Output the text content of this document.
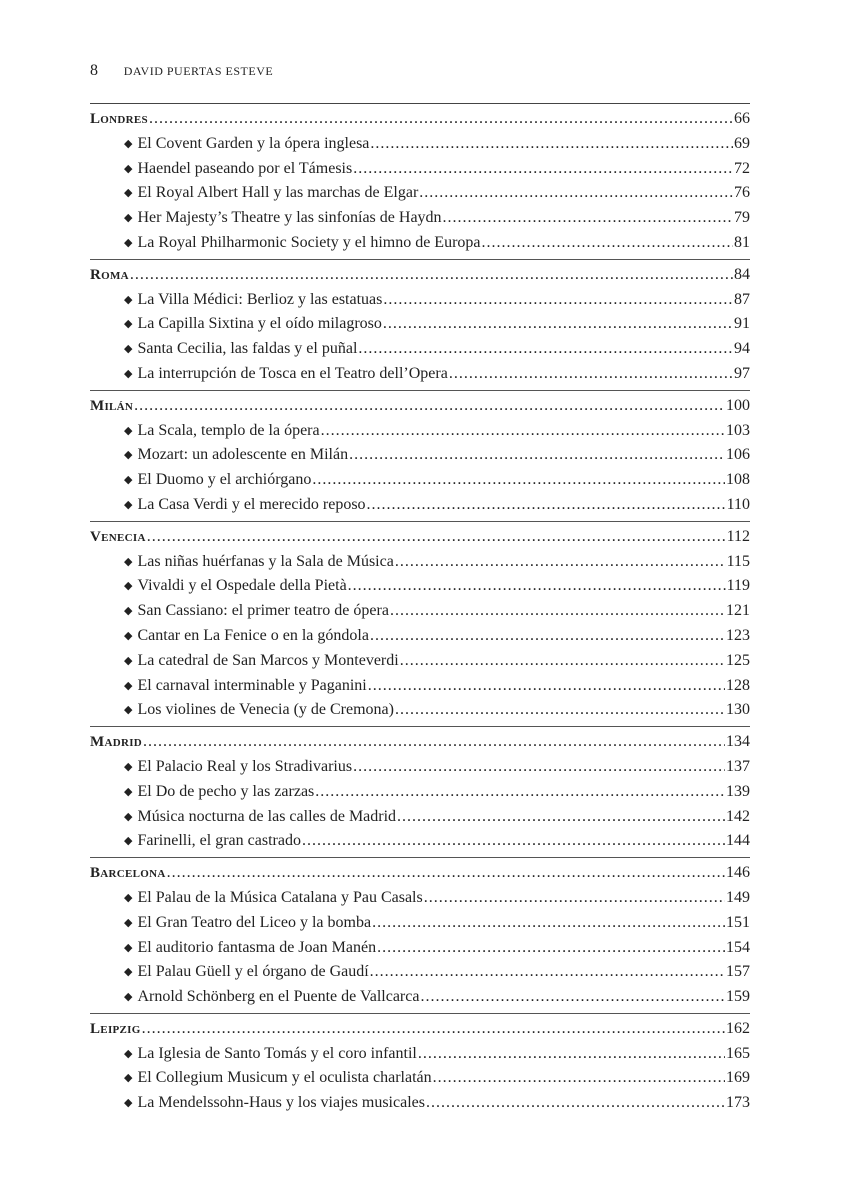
8 DAVID PUERTAS ESTEVE
Londres .....	66
◆ El Covent Garden y la ópera inglesa .....	69
◆ Haendel paseando por el Támesis .....	72
◆ El Royal Albert Hall y las marchas de Elgar .....	76
◆ Her Majesty’s Theatre y las sinfonías de Haydn .....	79
◆ La Royal Philharmonic Society y el himno de Europa .....	81
Roma .....	84
◆ La Villa Médici: Berlioz y las estatuas .....	87
◆ La Capilla Sixtina y el oído milagroso .....	91
◆ Santa Cecilia, las faldas y el puñal .....	94
◆ La interrupción de Tosca en el Teatro dell’Opera .....	97
Milán .....	100
◆ La Scala, templo de la ópera .....	103
◆ Mozart: un adolescente en Milán .....	106
◆ El Duomo y el archiórgano .....	108
◆ La Casa Verdi y el merecido reposo .....	110
Venecia .....	112
◆ Las niñas huérfanas y la Sala de Música .....	115
◆ Vivaldi y el Ospedale della Pietà .....	119
◆ San Cassiano: el primer teatro de ópera .....	121
◆ Cantar en La Fenice o en la góndola .....	123
◆ La catedral de San Marcos y Monteverdi .....	125
◆ El carnaval interminable y Paganini .....	128
◆ Los violines de Venecia (y de Cremona) .....	130
Madrid .....	134
◆ El Palacio Real y los Stradivarius .....	137
◆ El Do de pecho y las zarzas .....	139
◆ Música nocturna de las calles de Madrid .....	142
◆ Farinelli, el gran castrado .....	144
Barcelona .....	146
◆ El Palau de la Música Catalana y Pau Casals .....	149
◆ El Gran Teatro del Liceo y la bomba .....	151
◆ El auditorio fantasma de Joan Manén .....	154
◆ El Palau Güell y el órgano de Gaudí .....	157
◆ Arnold Schönberg en el Puente de Vallcarca .....	159
Leipzig .....	162
◆ La Iglesia de Santo Tomás y el coro infantil .....	165
◆ El Collegium Musicum y el oculista charlatán .....	169
◆ La Mendelssohn-Haus y los viajes musicales .....	173
